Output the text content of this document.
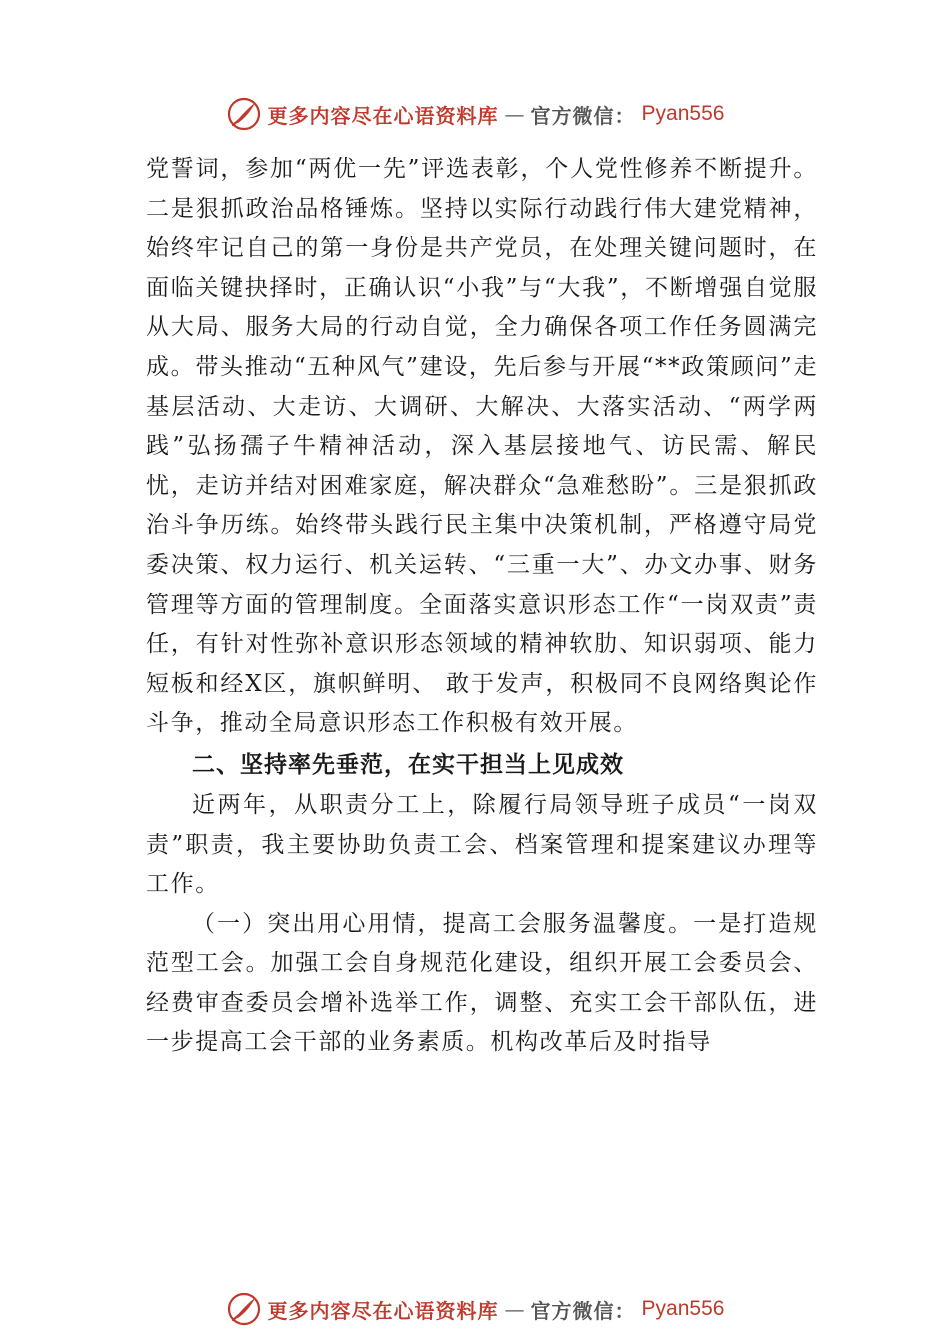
更多内容尽在心语资料库 — 官方微信： Pyan556

党誓词，参加“两优一先”评选表彰，个人党性修养不断提升。二是狠抓政治品格锤炼。坚持以实际行动践行伟大建党精神，始终牢记自己的第一身份是共产党员，在处理关键问题时，在面临关键抉择时，正确认识“小我”与“大我”，不断增强自觉服从大局、服务大局的行动自觉，全力确保各项工作任务圆满完成。带头推动“五种风气”建设，先后参与开展“**政策顾问”走基层活动、大走访、大调研、大解决、大落实活动、“两学两践”弘扬孺子牛精神活动，深入基层接地气、访民需、解民忧，走访并结对困难家庭，解决群众“急难愁盼”。三是狠抓政治斗争历练。始终带头践行民主集中决策机制，严格遵守局党委决策、权力运行、机关运转、“三重一大”、办文办事、财务管理等方面的管理制度。全面落实意识形态工作“一岗双责”责任，有针对性弥补意识形态领域的精神软肋、知识弱项、能力短板和经X区，旗帜鲜明、 敢于发声，积极同不良网络舆论作斗争，推动全局意识形态工作积极有效开展。

二、坚持率先垂范，在实干担当上见成效

近两年，从职责分工上，除履行局领导班子成员“一岗双责”职责，我主要协助负责工会、档案管理和提案建议办理等工作。

（一）突出用心用情，提高工会服务温馨度。一是打造规范型工会。加强工会自身规范化建设，组织开展工会委员会、经费审查委员会增补选举工作，调整、充实工会干部队伍，进一步提高工会干部的业务素质。机构改革后及时指导

更多内容尽在心语资料库 — 官方微信： Pyan556
